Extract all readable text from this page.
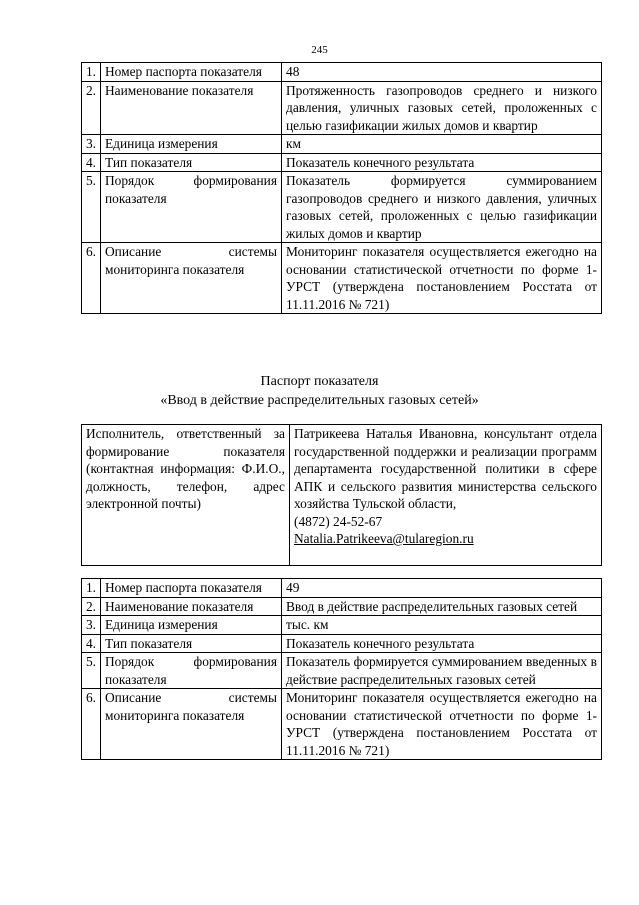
245
1.	Номер паспорта показателя	48
2.	Наименование показателя	Протяженность газопроводов среднего и низкого давления, уличных газовых сетей, проложенных с целью газификации жилых домов и квартир
3.	Единица измерения	км
4.	Тип показателя	Показатель конечного результата
5.	Порядок формирования показателя	Показатель формируется суммированием газопроводов среднего и низкого давления, уличных газовых сетей, проложенных с целью газификации жилых домов и квартир
6.	Описание системы мониторинга показателя	Мониторинг показателя осуществляется ежегодно на основании статистической отчетности по форме 1-УРСТ (утверждена постановлением Росстата от 11.11.2016 № 721)
Паспорт показателя
«Ввод в действие распределительных газовых сетей»
Исполнитель, ответственный за формирование показателя (контактная информация: Ф.И.О., должность, телефон, адрес электронной почты)	
Патрикеева Наталья Ивановна, консультант отдела государственной поддержки и реализации программ департамента государственной политики в сфере АПК и сельского развития министерства сельского хозяйства Тульской области,
(4872) 24-52-67
Natalia.Patrikeeva@tularegion.ru
1.	Номер паспорта показателя	49
2.	Наименование показателя	Ввод в действие распределительных газовых сетей
3.	Единица измерения	тыс. км
4.	Тип показателя	Показатель конечного результата
5.	Порядок формирования показателя	Показатель формируется суммированием введенных в действие распределительных газовых сетей
6.	Описание системы мониторинга показателя	Мониторинг показателя осуществляется ежегодно на основании статистической отчетности по форме 1-УРСТ (утверждена постановлением Росстата от 11.11.2016 № 721)
